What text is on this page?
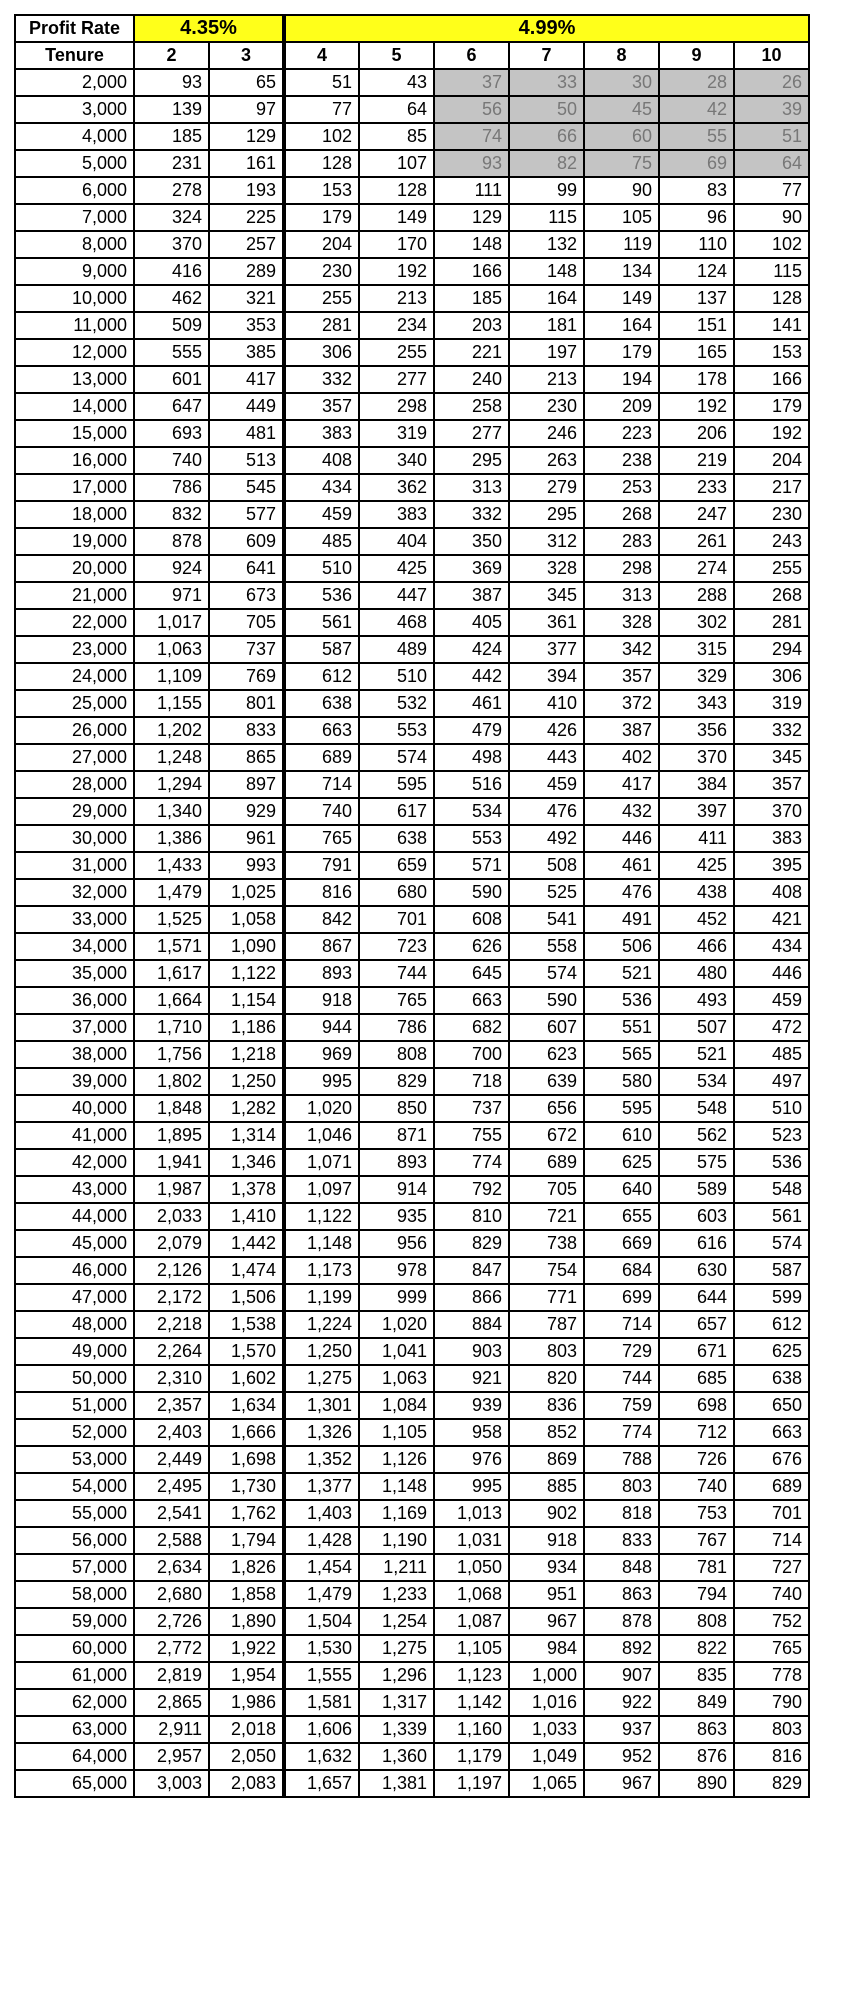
Profit Rate	4.35%		4.99%						
Tenure	2	3	4	5	6	7	8	9	10
2,000	93	65	51	43	37	33	30	28	26
3,000	139	97	77	64	56	50	45	42	39
4,000	185	129	102	85	74	66	60	55	51
5,000	231	161	128	107	93	82	75	69	64
6,000	278	193	153	128	111	99	90	83	77
7,000	324	225	179	149	129	115	105	96	90
8,000	370	257	204	170	148	132	119	110	102
9,000	416	289	230	192	166	148	134	124	115
10,000	462	321	255	213	185	164	149	137	128
11,000	509	353	281	234	203	181	164	151	141
12,000	555	385	306	255	221	197	179	165	153
13,000	601	417	332	277	240	213	194	178	166
14,000	647	449	357	298	258	230	209	192	179
15,000	693	481	383	319	277	246	223	206	192
16,000	740	513	408	340	295	263	238	219	204
17,000	786	545	434	362	313	279	253	233	217
18,000	832	577	459	383	332	295	268	247	230
19,000	878	609	485	404	350	312	283	261	243
20,000	924	641	510	425	369	328	298	274	255
21,000	971	673	536	447	387	345	313	288	268
22,000	1,017	705	561	468	405	361	328	302	281
23,000	1,063	737	587	489	424	377	342	315	294
24,000	1,109	769	612	510	442	394	357	329	306
25,000	1,155	801	638	532	461	410	372	343	319
26,000	1,202	833	663	553	479	426	387	356	332
27,000	1,248	865	689	574	498	443	402	370	345
28,000	1,294	897	714	595	516	459	417	384	357
29,000	1,340	929	740	617	534	476	432	397	370
30,000	1,386	961	765	638	553	492	446	411	383
31,000	1,433	993	791	659	571	508	461	425	395
32,000	1,479	1,025	816	680	590	525	476	438	408
33,000	1,525	1,058	842	701	608	541	491	452	421
34,000	1,571	1,090	867	723	626	558	506	466	434
35,000	1,617	1,122	893	744	645	574	521	480	446
36,000	1,664	1,154	918	765	663	590	536	493	459
37,000	1,710	1,186	944	786	682	607	551	507	472
38,000	1,756	1,218	969	808	700	623	565	521	485
39,000	1,802	1,250	995	829	718	639	580	534	497
40,000	1,848	1,282	1,020	850	737	656	595	548	510
41,000	1,895	1,314	1,046	871	755	672	610	562	523
42,000	1,941	1,346	1,071	893	774	689	625	575	536
43,000	1,987	1,378	1,097	914	792	705	640	589	548
44,000	2,033	1,410	1,122	935	810	721	655	603	561
45,000	2,079	1,442	1,148	956	829	738	669	616	574
46,000	2,126	1,474	1,173	978	847	754	684	630	587
47,000	2,172	1,506	1,199	999	866	771	699	644	599
48,000	2,218	1,538	1,224	1,020	884	787	714	657	612
49,000	2,264	1,570	1,250	1,041	903	803	729	671	625
50,000	2,310	1,602	1,275	1,063	921	820	744	685	638
51,000	2,357	1,634	1,301	1,084	939	836	759	698	650
52,000	2,403	1,666	1,326	1,105	958	852	774	712	663
53,000	2,449	1,698	1,352	1,126	976	869	788	726	676
54,000	2,495	1,730	1,377	1,148	995	885	803	740	689
55,000	2,541	1,762	1,403	1,169	1,013	902	818	753	701
56,000	2,588	1,794	1,428	1,190	1,031	918	833	767	714
57,000	2,634	1,826	1,454	1,211	1,050	934	848	781	727
58,000	2,680	1,858	1,479	1,233	1,068	951	863	794	740
59,000	2,726	1,890	1,504	1,254	1,087	967	878	808	752
60,000	2,772	1,922	1,530	1,275	1,105	984	892	822	765
61,000	2,819	1,954	1,555	1,296	1,123	1,000	907	835	778
62,000	2,865	1,986	1,581	1,317	1,142	1,016	922	849	790
63,000	2,911	2,018	1,606	1,339	1,160	1,033	937	863	803
64,000	2,957	2,050	1,632	1,360	1,179	1,049	952	876	816
65,000	3,003	2,083	1,657	1,381	1,197	1,065	967	890	829
